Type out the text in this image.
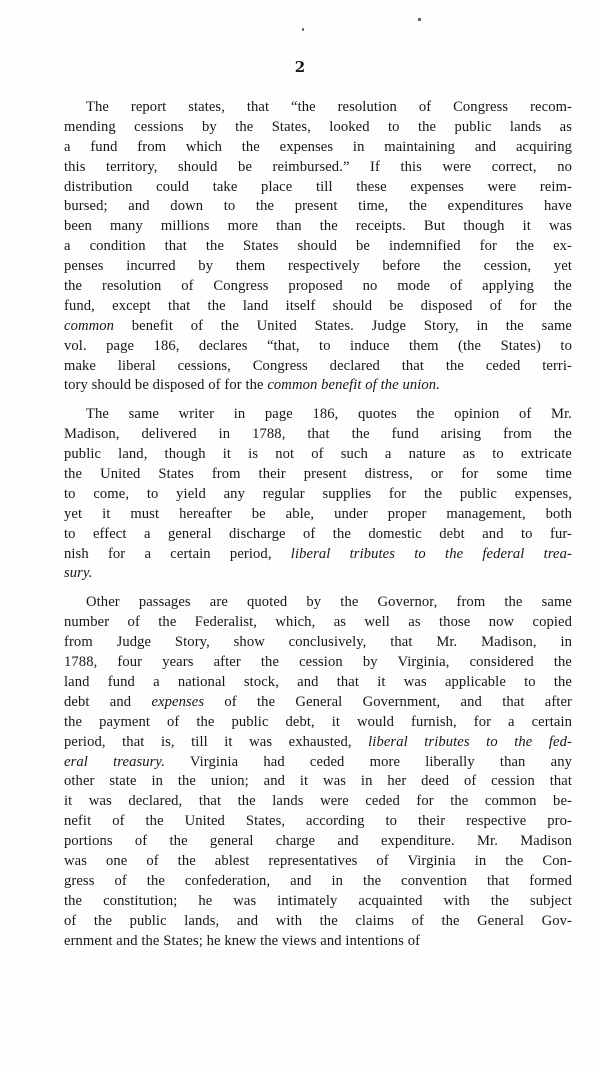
2
The report states, that “the resolution of Congress recom-
mending cessions by the States, looked to the public lands as
a fund from which the expenses in maintaining and acquiring
this territory, should be reimbursed.” If this were correct, no
distribution could take place till these expenses were reim-
bursed; and down to the present time, the expenditures have
been many millions more than the receipts. But though it was
a condition that the States should be indemnified for the ex-
penses incurred by them respectively before the cession, yet
the resolution of Congress proposed no mode of applying the
fund, except that the land itself should be disposed of for the
common benefit of the United States. Judge Story, in the same
vol. page 186, declares “that, to induce them (the States) to
make liberal cessions, Congress declared that the ceded terri-
tory should be disposed of for the common benefit of the union.
The same writer in page 186, quotes the opinion of Mr.
Madison, delivered in 1788, that the fund arising from the
public land, though it is not of such a nature as to extricate
the United States from their present distress, or for some time
to come, to yield any regular supplies for the public expenses,
yet it must hereafter be able, under proper management, both
to effect a general discharge of the domestic debt and to fur-
nish for a certain period, liberal tributes to the federal trea-
sury.
Other passages are quoted by the Governor, from the same
number of the Federalist, which, as well as those now copied
from Judge Story, show conclusively, that Mr. Madison, in
1788, four years after the cession by Virginia, considered the
land fund a national stock, and that it was applicable to the
debt and expenses of the General Government, and that after
the payment of the public debt, it would furnish, for a certain
period, that is, till it was exhausted, liberal tributes to the fed-
eral treasury. Virginia had ceded more liberally than any
other state in the union; and it was in her deed of cession that
it was declared, that the lands were ceded for the common be-
nefit of the United States, according to their respective pro-
portions of the general charge and expenditure. Mr. Madison
was one of the ablest representatives of Virginia in the Con-
gress of the confederation, and in the convention that formed
the constitution; he was intimately acquainted with the subject
of the public lands, and with the claims of the General Gov-
ernment and the States; he knew the views and intentions of
